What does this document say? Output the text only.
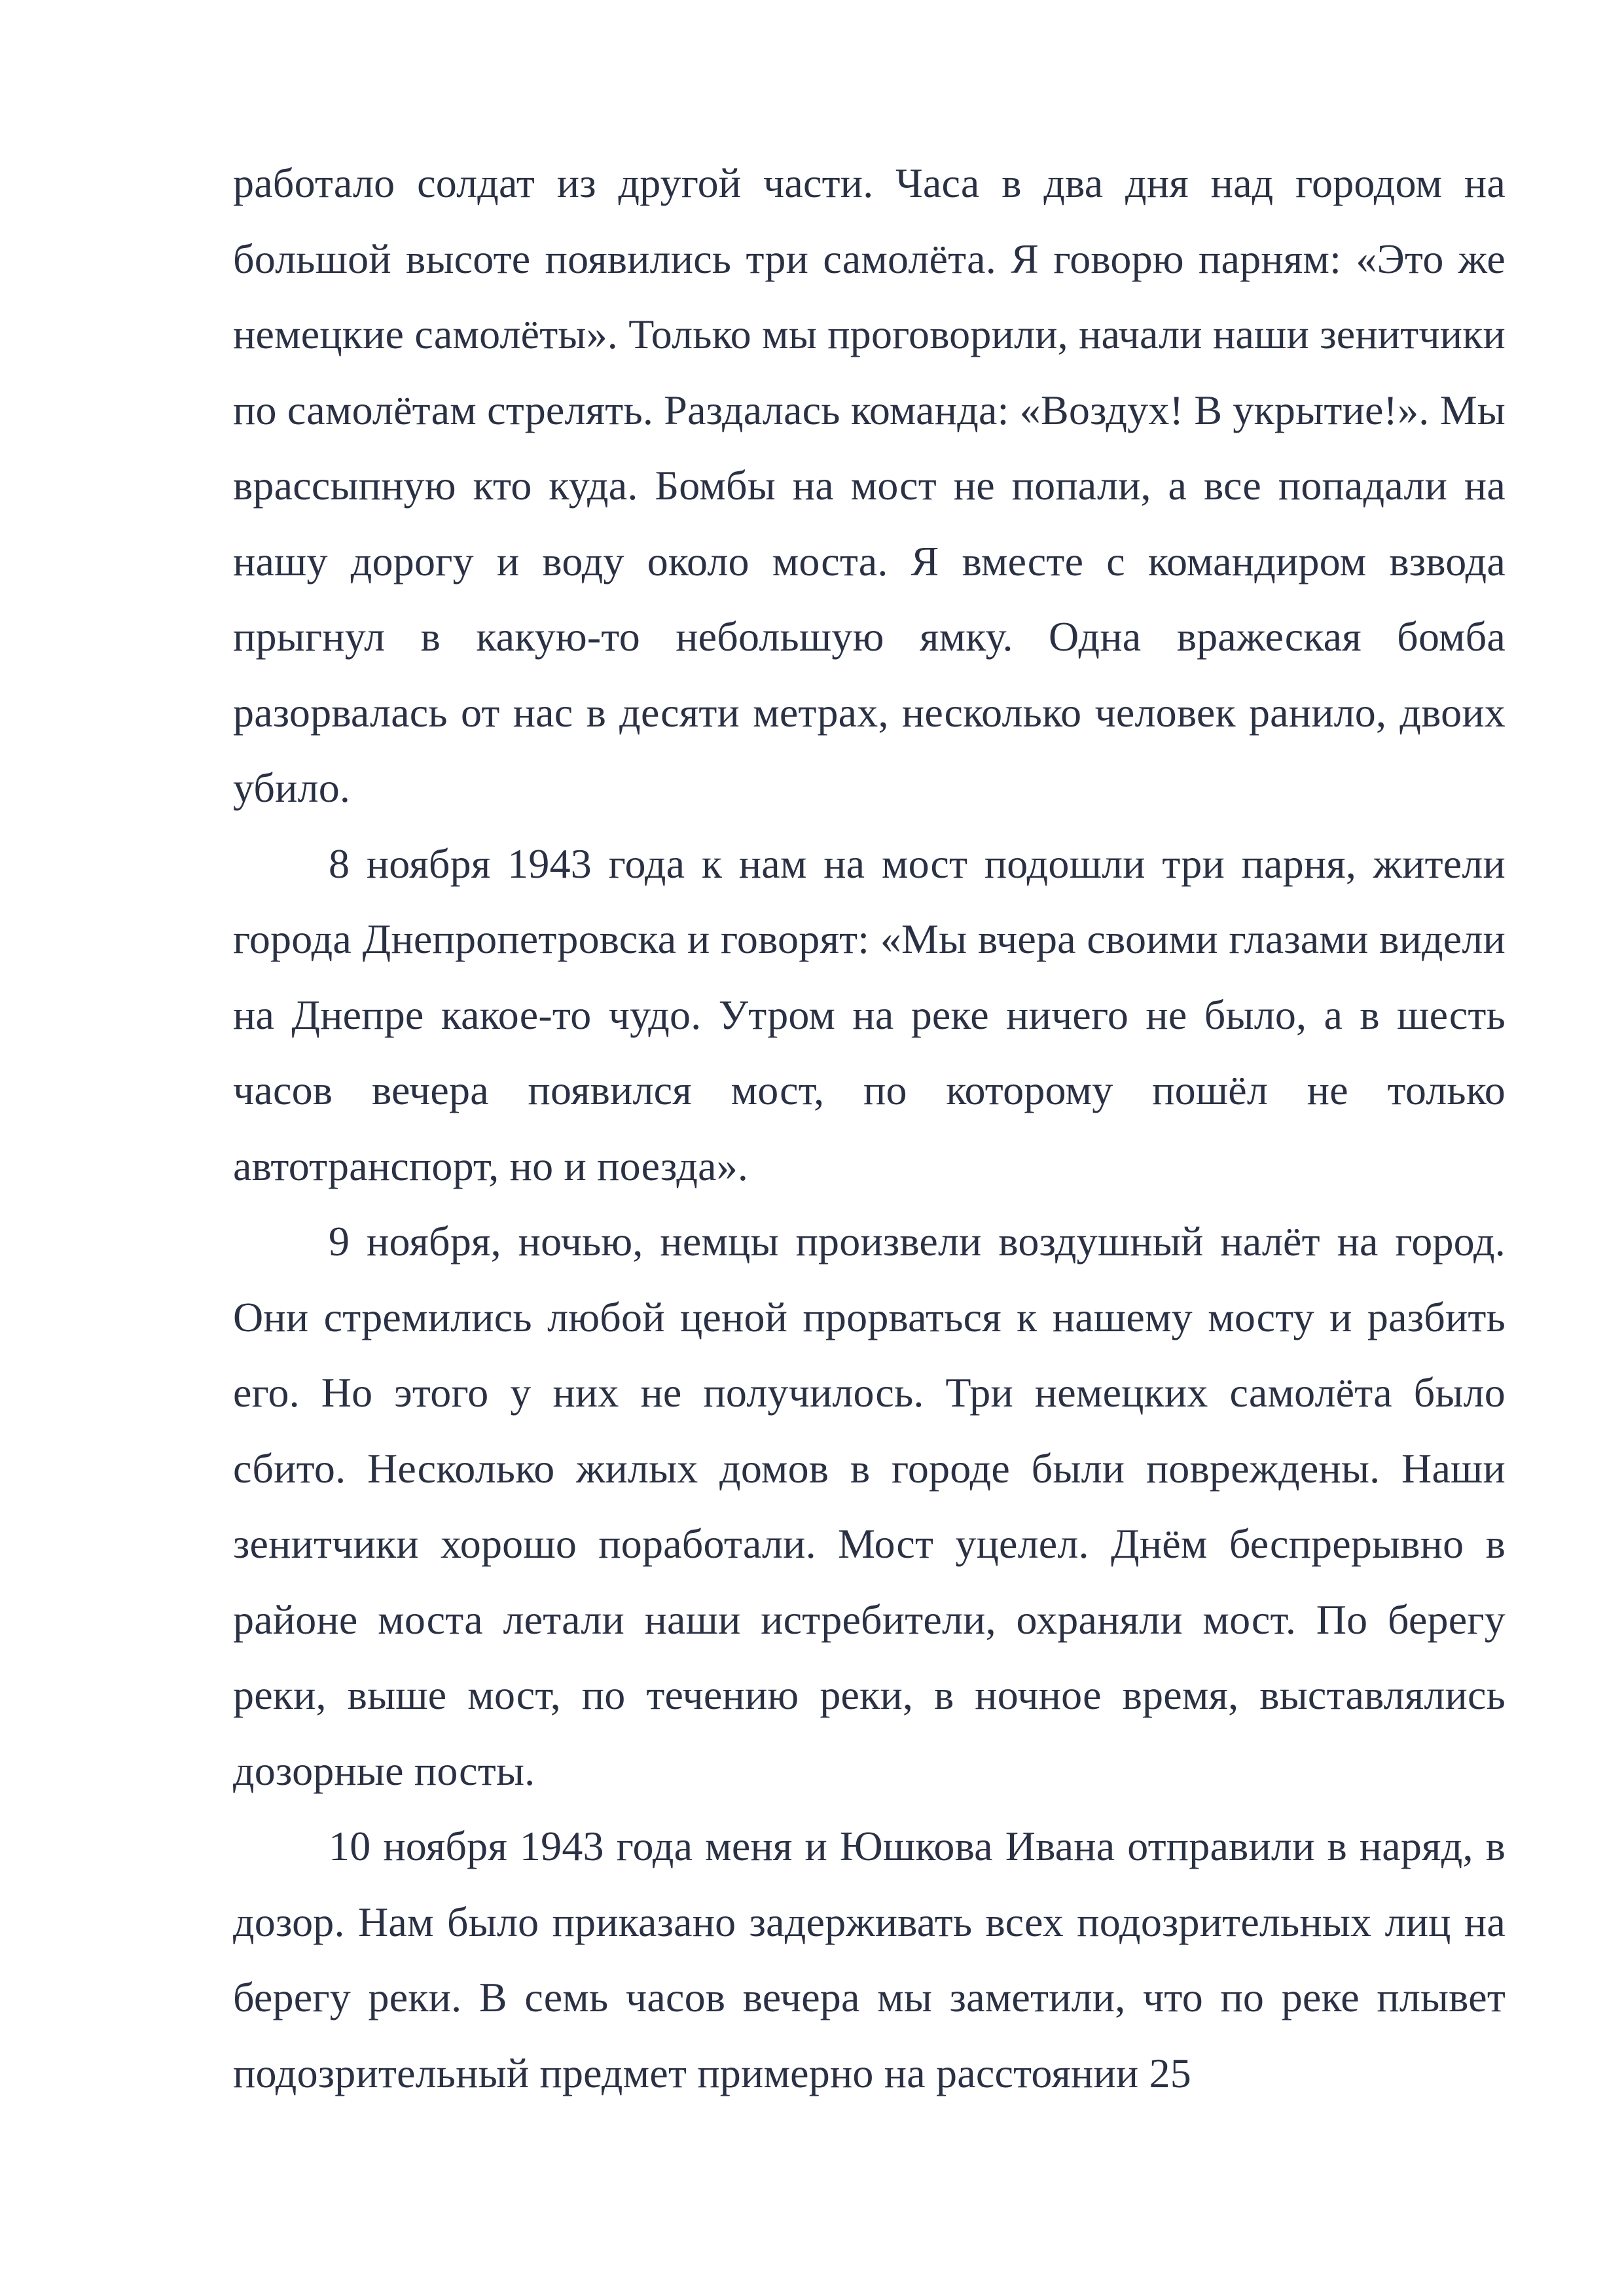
работало солдат из другой части. Часа в два дня над городом на большой высоте появились три самолёта. Я говорю парням: «Это же немецкие самолёты». Только мы проговорили, начали наши зенитчики по самолётам стрелять. Раздалась команда: «Воздух! В укрытие!». Мы врассыпную кто куда. Бомбы на мост не попали, а все попадали на нашу дорогу и воду около моста. Я вместе с командиром взвода прыгнул в какую-то небольшую ямку. Одна вражеская бомба разорвалась от нас в десяти метрах, несколько человек ранило, двоих убило.

8 ноября 1943 года к нам на мост подошли три парня, жители города Днепропетровска и говорят: «Мы вчера своими глазами видели на Днепре какое-то чудо. Утром на реке ничего не было, а в шесть часов вечера появился мост, по которому пошёл не только автотранспорт, но и поезда».

9 ноября, ночью, немцы произвели воздушный налёт на город. Они стремились любой ценой прорваться к нашему мосту и разбить его. Но этого у них не получилось. Три немецких самолёта было сбито. Несколько жилых домов в городе были повреждены. Наши зенитчики хорошо поработали. Мост уцелел. Днём беспрерывно в районе моста летали наши истребители, охраняли мост. По берегу реки, выше мост, по течению реки, в ночное время, выставлялись дозорные посты.

10 ноября 1943 года меня и Юшкова Ивана отправили в наряд, в дозор. Нам было приказано задерживать всех подозрительных лиц на берегу реки. В семь часов вечера мы заметили, что по реке плывет подозрительный предмет примерно на расстоянии 25
